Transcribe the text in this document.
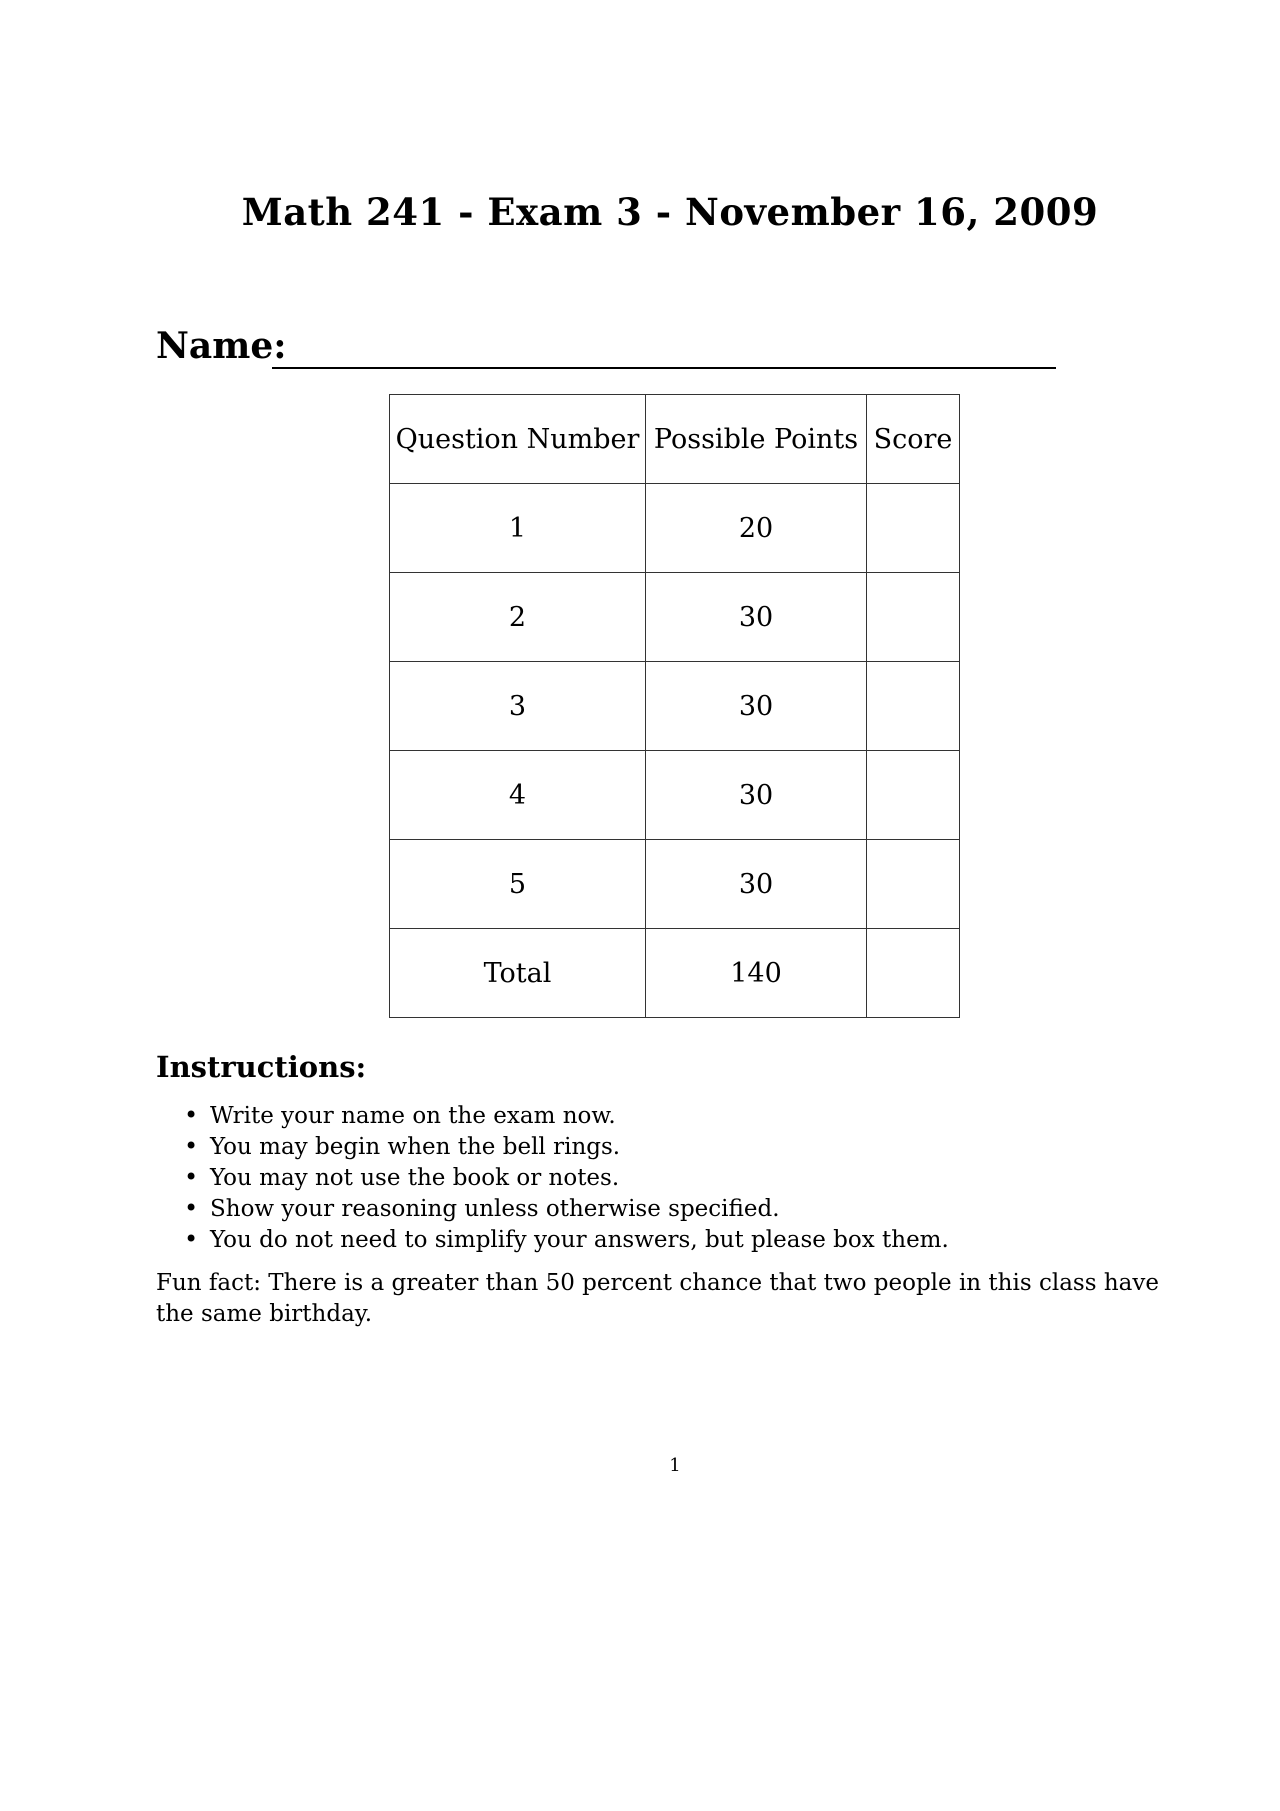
Math 241 - Exam 3 - November 16, 2009
Name:
Question Number	Possible Points	Score
1	20	
2	30	
3	30	
4	30	
5	30	
Total	140	
Instructions:
• Write your name on the exam now.
• You may begin when the bell rings.
• You may not use the book or notes.
• Show your reasoning unless otherwise specified.
• You do not need to simplify your answers, but please box them.
Fun fact: There is a greater than 50 percent chance that two people in this class have the same birthday.
1
